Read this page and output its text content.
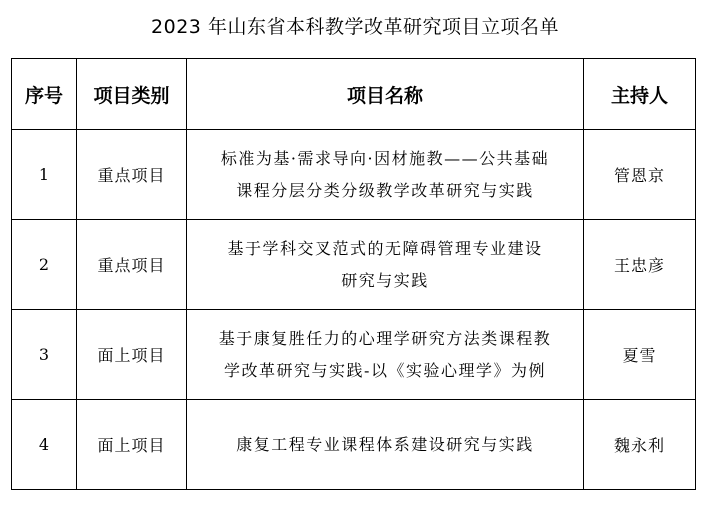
2023 年山东省本科教学改革研究项目立项名单
序号	项目类别	项目名称	主持人
1	重点项目	标准为基·需求导向·因材施教——公共基础
课程分层分类分级教学改革研究与实践	管恩京
2	重点项目	基于学科交叉范式的无障碍管理专业建设
研究与实践	王忠彦
3	面上项目	基于康复胜任力的心理学研究方法类课程教
学改革研究与实践-以《实验心理学》为例	夏雪
4	面上项目	康复工程专业课程体系建设研究与实践	魏永利
